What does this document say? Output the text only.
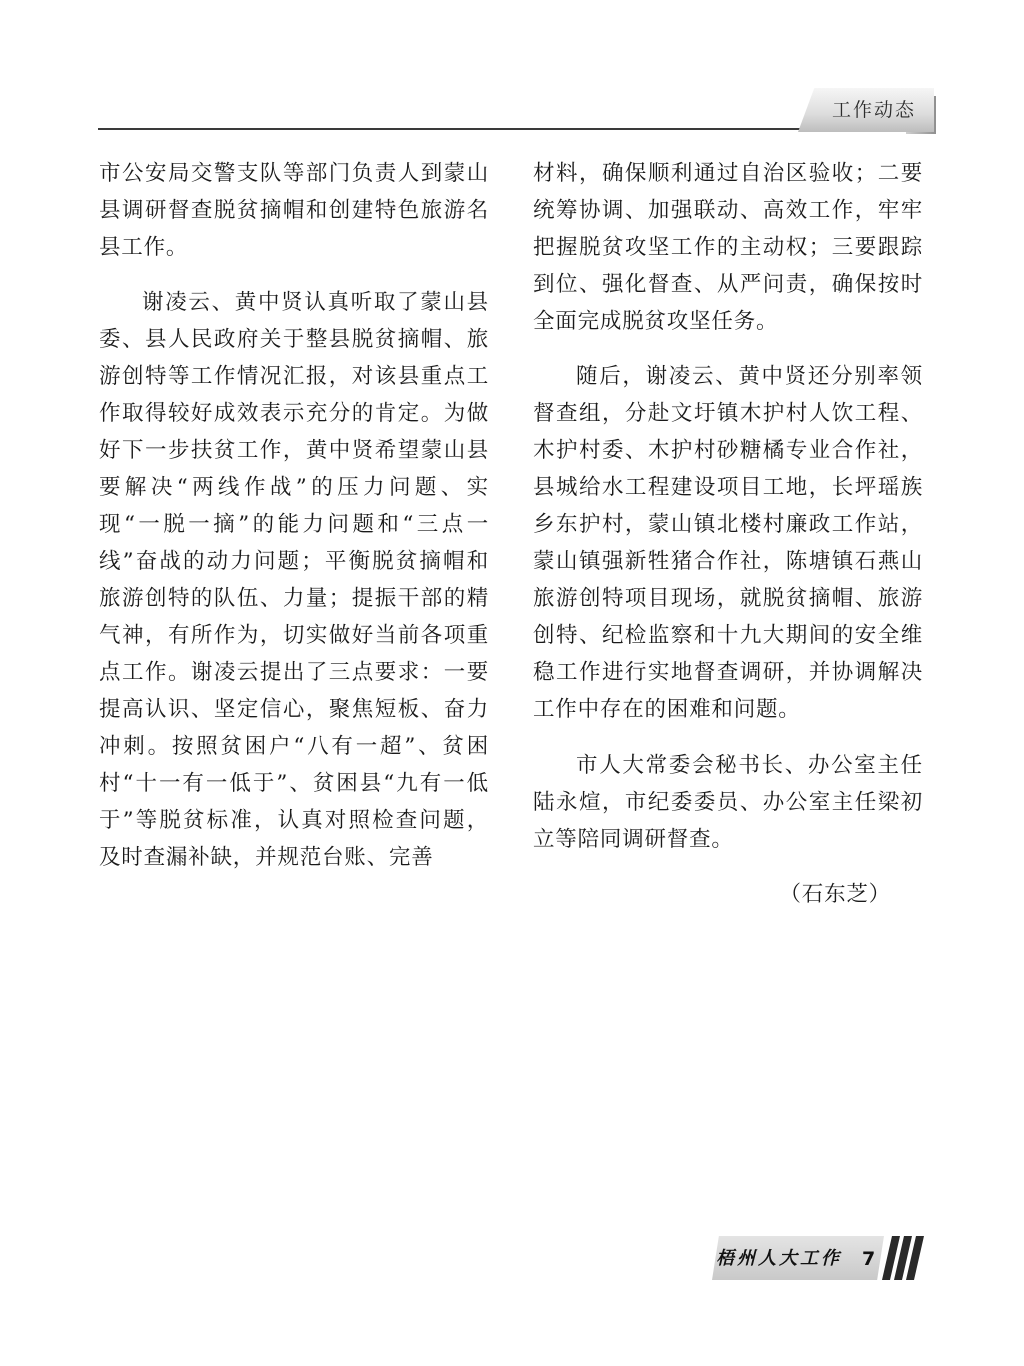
工作动态

市公安局交警支队等部门负责人到蒙山县调研督查脱贫摘帽和创建特色旅游名县工作。

谢凌云、黄中贤认真听取了蒙山县委、县人民政府关于整县脱贫摘帽、旅游创特等工作情况汇报，对该县重点工作取得较好成效表示充分的肯定。为做好下一步扶贫工作，黄中贤希望蒙山县要解决“两线作战”的压力问题、实现“一脱一摘”的能力问题和“三点一线”奋战的动力问题；平衡脱贫摘帽和旅游创特的队伍、力量；提振干部的精气神，有所作为，切实做好当前各项重点工作。谢凌云提出了三点要求：一要提高认识、坚定信心，聚焦短板、奋力冲刺。按照贫困户“八有一超”、贫困村“十一有一低于”、贫困县“九有一低于”等脱贫标准，认真对照检查问题，及时查漏补缺，并规范台账、完善

材料，确保顺利通过自治区验收；二要统筹协调、加强联动、高效工作，牢牢把握脱贫攻坚工作的主动权；三要跟踪到位、强化督查、从严问责，确保按时全面完成脱贫攻坚任务。

随后，谢凌云、黄中贤还分别率领督查组，分赴文圩镇木护村人饮工程、木护村委、木护村砂糖橘专业合作社，县城给水工程建设项目工地，长坪瑶族乡东护村，蒙山镇北楼村廉政工作站，蒙山镇强新牲猪合作社，陈塘镇石燕山旅游创特项目现场，就脱贫摘帽、旅游创特、纪检监察和十九大期间的安全维稳工作进行实地督查调研，并协调解决工作中存在的困难和问题。

市人大常委会秘书长、办公室主任陆永煊，市纪委委员、办公室主任梁初立等陪同调研督查。

（石东芝）

梧州人大工作	7
